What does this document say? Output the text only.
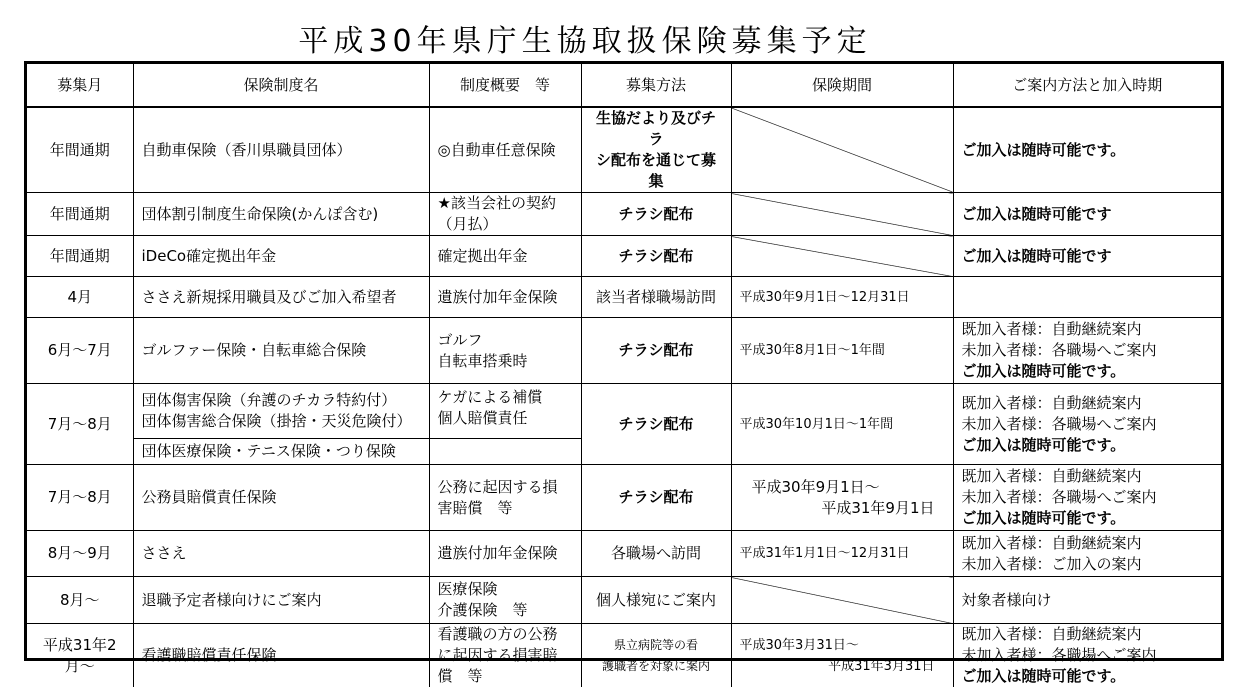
平成30年県庁生協取扱保険募集予定
募集月	保険制度名	制度概要　等	募集方法	保険期間	ご案内方法と加入時期
年間通期	自動車保険（香川県職員団体）	◎自動車任意保険	生協だより及びチラ
シ配布を通じて募集		ご加入は随時可能です。

年間通期	団体割引制度生命保険(かんぽ含む)	★該当会社の契約
（月払）	チラシ配布		ご加入は随時可能です

年間通期	iDeCo確定拠出年金	確定拠出年金	チラシ配布		ご加入は随時可能です

4月	ささえ新規採用職員及びご加入希望者	遺族付加年金保険	該当者様職場訪問	平成30年9月1日～12月31日	

6月～7月	ゴルファー保険・自転車総合保険	ゴルフ
自転車搭乗時	チラシ配布	平成30年8月1日～1年間	既加入者様：自動継続案内
未加入者様：各職場へご案内
ご加入は随時可能です。

7月～8月	団体傷害保険（弁護のチカラ特約付）
団体傷害総合保険（掛捨・天災危険付）	ケガによる補償
個人賠償責任	チラシ配布	平成30年10月1日～1年間	既加入者様：自動継続案内
未加入者様：各職場へご案内
ご加入は随時可能です。

	団体医療保険・テニス保険・つり保険				
7月～8月	公務員賠償責任保険	公務に起因する損
害賠償　等	チラシ配布	平成30年9月1日～
平成31年9月1日	既加入者様：自動継続案内
未加入者様：各職場へご案内
ご加入は随時可能です。

8月～9月	ささえ	遺族付加年金保険	各職場へ訪問	平成31年1月1日～12月31日	既加入者様：自動継続案内
未加入者様：ご加入の案内

8月～	退職予定者様向けにご案内	医療保険
介護保険　等	個人様宛にご案内		対象者様向け

平成31年2
月～	看護職賠償責任保険	看護職の方の公務
に起因する損害賠
償　等	県立病院等の看
護職者を対象に案内	平成30年3月31日～
平成31年3月31日	既加入者様：自動継続案内
未加入者様：各職場へご案内
ご加入は随時可能です。
